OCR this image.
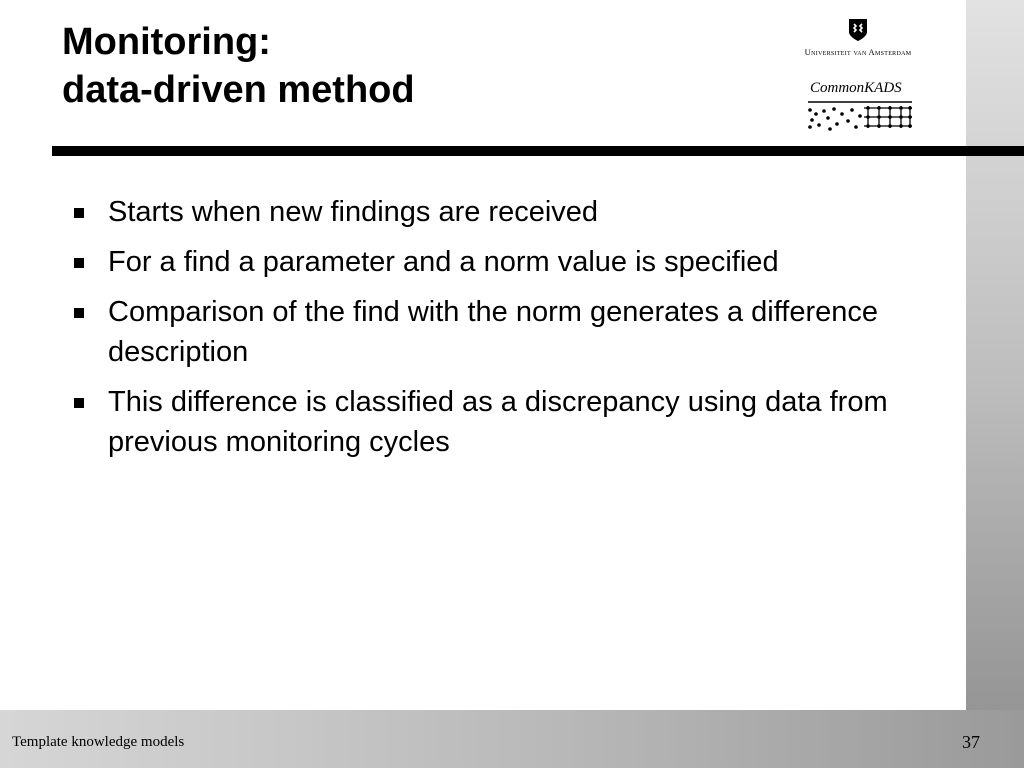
Monitoring:
data-driven method
Universiteit van Amsterdam
CommonKADS
Starts when new findings are received
For a find a parameter and a norm value is specified
Comparison of the find with the norm generates a difference description
This difference is classified as a discrepancy using data from previous monitoring cycles
Template knowledge models	37
